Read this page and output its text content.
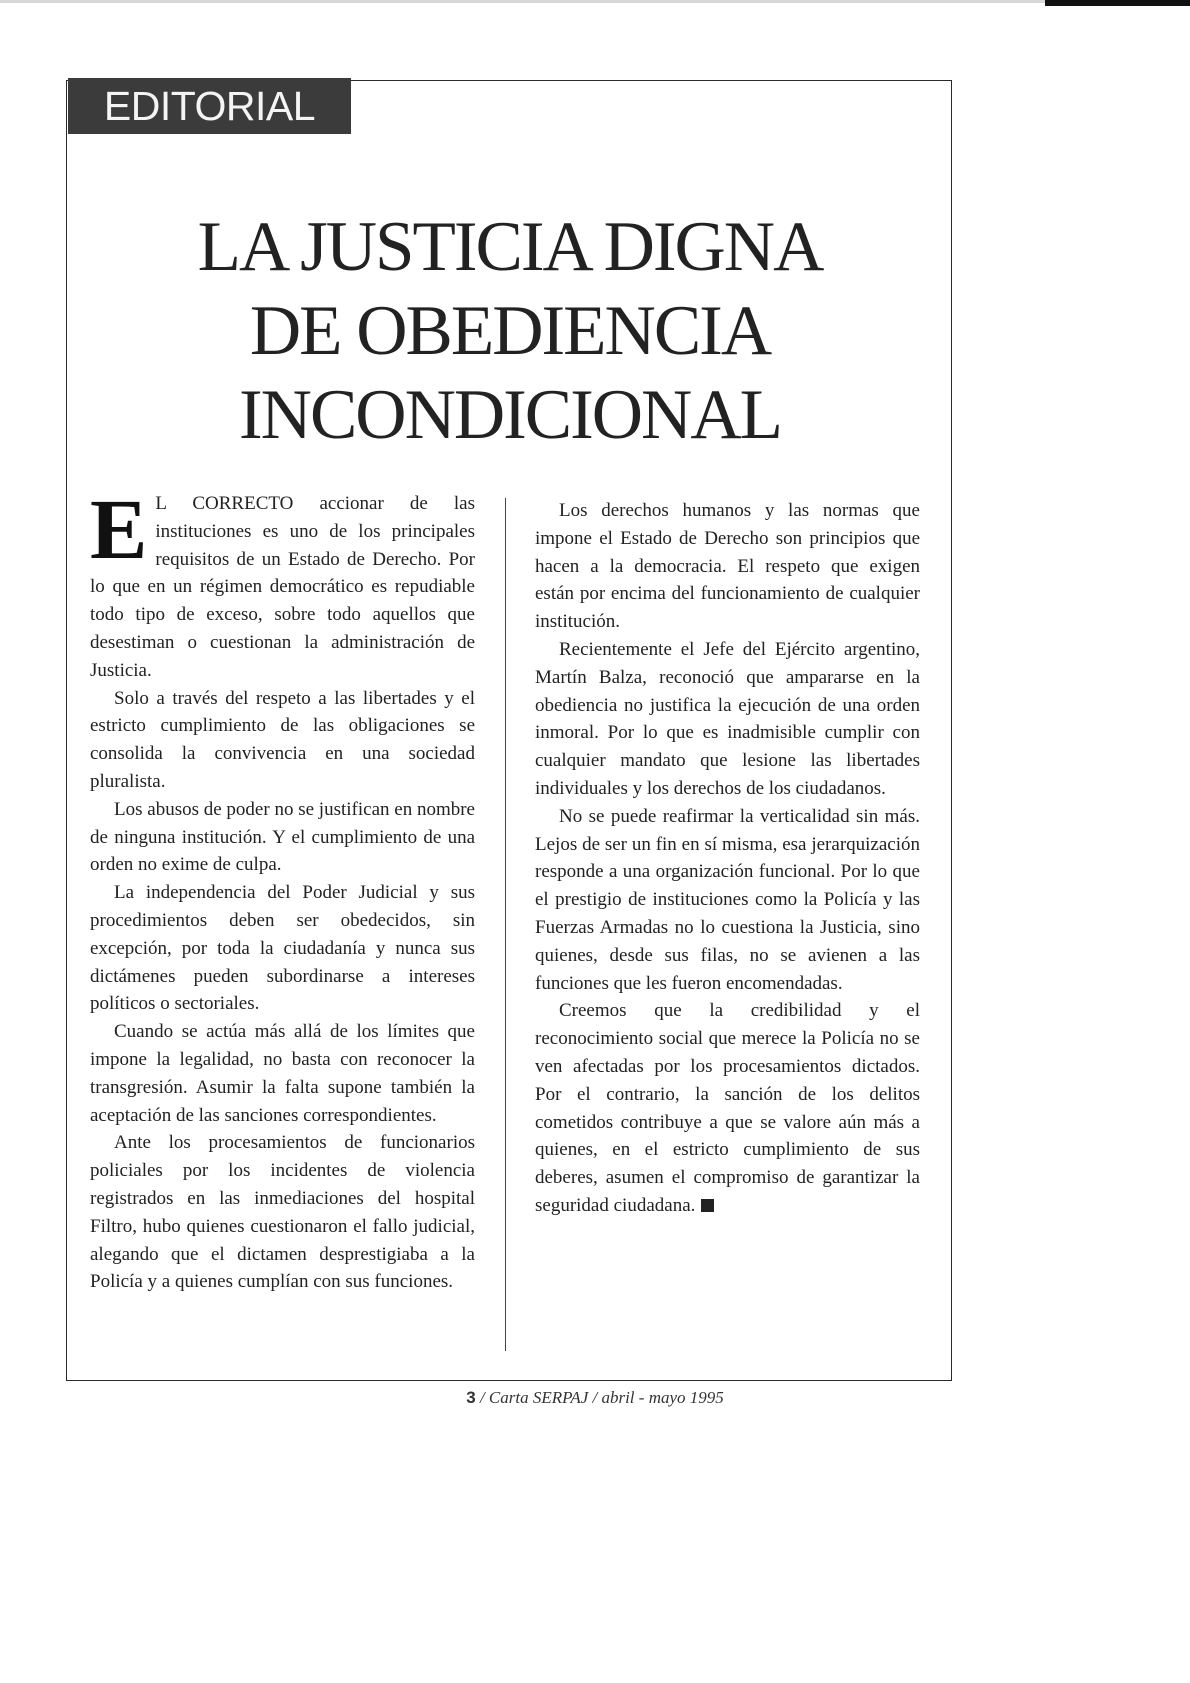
EDITORIAL
LA JUSTICIA DIGNA
DE OBEDIENCIA
INCONDICIONAL

E L CORRECTO accionar de las instituciones es uno de los principales requisitos de un Estado de Derecho. Por lo que en un régimen democrático es repudiable todo tipo de exceso, sobre todo aquellos que desestiman o cuestionan la administración de Justicia.

Solo a través del respeto a las libertades y el estricto cumplimiento de las obligaciones se consolida la convivencia en una sociedad pluralista.

Los abusos de poder no se justifican en nombre de ninguna institución. Y el cumplimiento de una orden no exime de culpa.

La independencia del Poder Judicial y sus procedimientos deben ser obedecidos, sin excepción, por toda la ciudadanía y nunca sus dictámenes pueden subordinarse a intereses políticos o sectoriales.

Cuando se actúa más allá de los límites que impone la legalidad, no basta con reconocer la transgresión. Asumir la falta supone también la aceptación de las sanciones correspondientes.

Ante los procesamientos de funcionarios policiales por los incidentes de violencia registrados en las inmediaciones del hospital Filtro, hubo quienes cuestionaron el fallo judicial, alegando que el dictamen desprestigiaba a la Policía y a quienes cumplían con sus funciones.

Los derechos humanos y las normas que impone el Estado de Derecho son principios que hacen a la democracia. El respeto que exigen están por encima del funcionamiento de cualquier institución.

Recientemente el Jefe del Ejército argentino, Martín Balza, reconoció que ampararse en la obediencia no justifica la ejecución de una orden inmoral. Por lo que es inadmisible cumplir con cualquier mandato que lesione las libertades individuales y los derechos de los ciudadanos.

No se puede reafirmar la verticalidad sin más. Lejos de ser un fin en sí misma, esa jerarquización responde a una organización funcional. Por lo que el prestigio de instituciones como la Policía y las Fuerzas Armadas no lo cuestiona la Justicia, sino quienes, desde sus filas, no se avienen a las funciones que les fueron encomendadas.

Creemos que la credibilidad y el reconocimiento social que merece la Policía no se ven afectadas por los procesamientos dictados. Por el contrario, la sanción de los delitos cometidos contribuye a que se valore aún más a quienes, en el estricto cumplimiento de sus deberes, asumen el compromiso de garantizar la seguridad ciudadana.

3 / Carta SERPAJ / abril - mayo 1995
